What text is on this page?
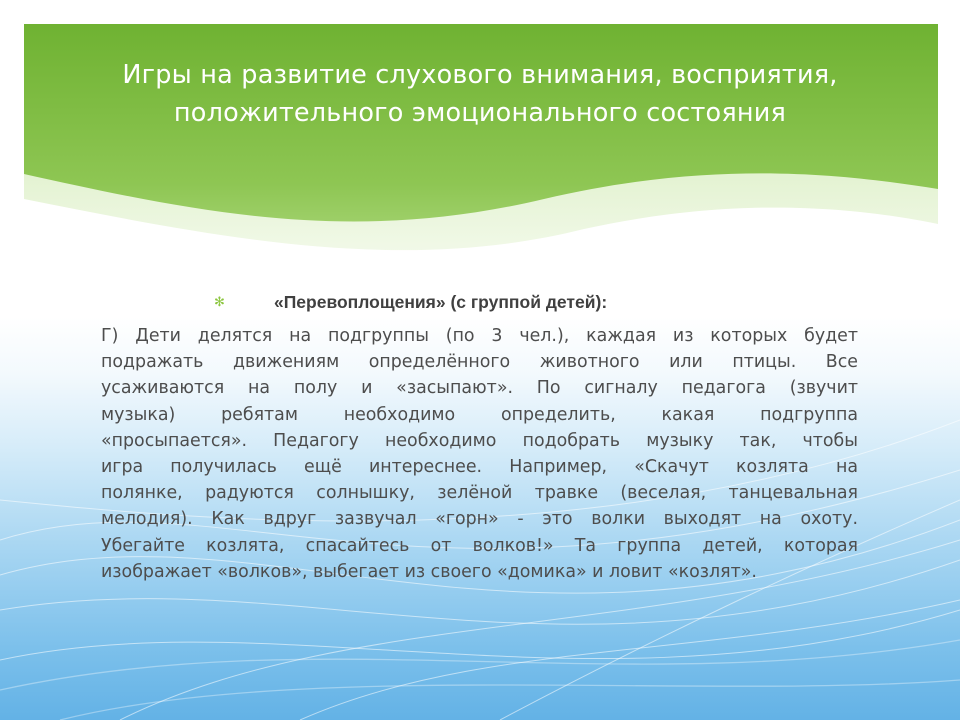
Игры на развитие слухового внимания, восприятия,
положительного эмоционального состояния
✻	«Перевоплощения» (с группой детей):
Г) Дети делятся на подгруппы (по 3 чел.), каждая из которых будет
подражать движениям определённого животного или птицы. Все
усаживаются на полу и «засыпают». По сигналу педагога (звучит
музыка) ребятам необходимо определить, какая подгруппа
«просыпается». Педагогу необходимо подобрать музыку так, чтобы
игра получилась ещё интереснее. Например, «Скачут козлята на
полянке, радуются солнышку, зелёной травке (веселая, танцевальная
мелодия). Как вдруг зазвучал «горн» - это волки выходят на охоту.
Убегайте козлята, спасайтесь от волков!» Та группа детей, которая
изображает «волков», выбегает из своего «домика» и ловит «козлят».
